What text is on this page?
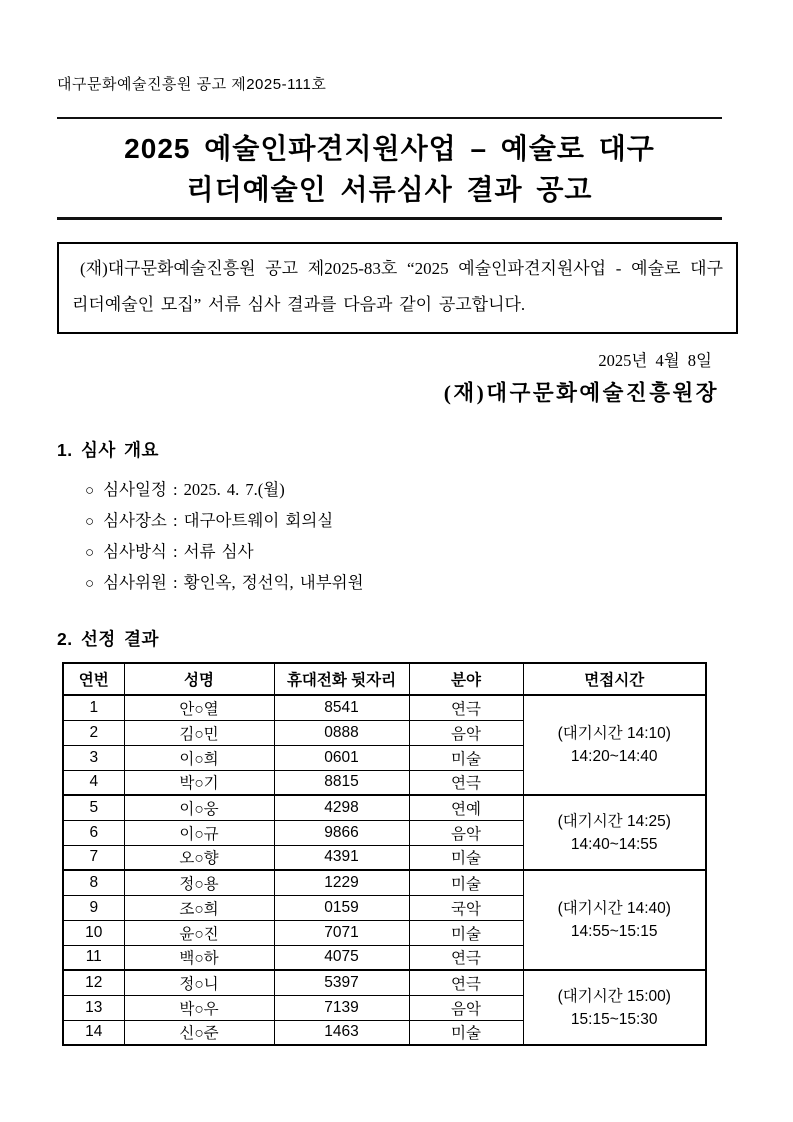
대구문화예술진흥원 공고 제2025-111호
2025 예술인파견지원사업 – 예술로 대구
리더예술인 서류심사 결과 공고
(재)대구문화예술진흥원 공고 제2025-83호 “2025 예술인파견지원사업 - 예술로 대구 리더예술인 모집” 서류 심사 결과를 다음과 같이 공고합니다.
2025년 4월 8일
(재)대구문화예술진흥원장
1. 심사 개요
○ 심사일정 : 2025. 4. 7.(월)
○ 심사장소 : 대구아트웨이 회의실
○ 심사방식 : 서류 심사
○ 심사위원 : 황인옥, 정선익, 내부위원
2. 선정 결과
연번	성명	휴대전화 뒷자리	분야	면접시간
1	안○열	8541	연극	(대기시간 14:10)
14:20~14:40

2	김○민	0888	음악	
3	이○희	0601	미술	
4	박○기	8815	연극	
5	이○웅	4298	연예	(대기시간 14:25)
14:40~14:55

6	이○규	9866	음악	
7	오○향	4391	미술	
8	정○용	1229	미술	(대기시간 14:40)
14:55~15:15

9	조○희	0159	국악	
10	윤○진	7071	미술	
11	백○하	4075	연극	
12	정○니	5397	연극	(대기시간 15:00)
15:15~15:30

13	박○우	7139	음악	
14	신○준	1463	미술	
